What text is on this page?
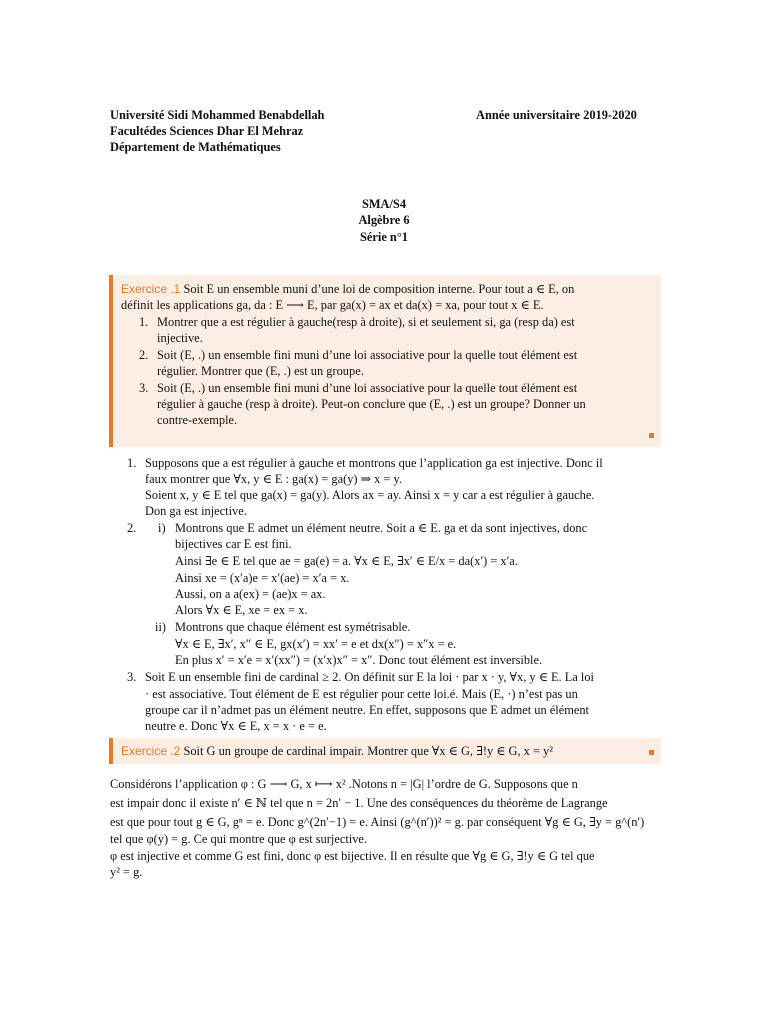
Université Sidi Mohammed Benabdellah
Facultédes Sciences Dhar El Mehraz
Département de Mathématiques
Année universitaire 2019-2020
SMA/S4
Algèbre 6
Série n°1
Exercice .1 Soit E un ensemble muni d’une loi de composition interne. Pour tout a ∈ E, on
définit les applications ga, da : E ⟶ E, par ga(x) = ax et da(x) = xa, pour tout x ∈ E.
1. Montrer que a est régulier à gauche(resp à droite), si et seulement si, ga (resp da) est
injective.
2. Soit (E, .) un ensemble fini muni d’une loi associative pour la quelle tout élément est
régulier. Montrer que (E, .) est un groupe.
3. Soit (E, .) un ensemble fini muni d’une loi associative pour la quelle tout élément est
régulier à gauche (resp à droite). Peut-on conclure que (E, .) est un groupe? Donner un
contre-exemple.
1. Supposons que a est régulier à gauche et montrons que l’application ga est injective. Donc il
faux montrer que ∀x, y ∈ E : ga(x) = ga(y) ⇒ x = y.
Soient x, y ∈ E tel que ga(x) = ga(y). Alors ax = ay. Ainsi x = y car a est régulier à gauche.
Don ga est injective.
2. i) Montrons que E admet un élément neutre. Soit a ∈ E. ga et da sont injectives, donc
bijectives car E est fini.
Ainsi ∃e ∈ E tel que ae = ga(e) = a. ∀x ∈ E, ∃x′ ∈ E/x = da(x′) = x′a.
Ainsi xe = (x′a)e = x′(ae) = x′a = x.
Aussi, on a a(ex) = (ae)x = ax.
Alors ∀x ∈ E, xe = ex = x.
ii) Montrons que chaque élément est symétrisable.
∀x ∈ E, ∃x′, x″ ∈ E, gx(x′) = xx′ = e et dx(x″) = x″x = e.
En plus x′ = x′e = x′(xx″) = (x′x)x″ = x″. Donc tout élément est inversible.
3. Soit E un ensemble fini de cardinal ≥ 2. On définit sur E la loi · par x · y, ∀x, y ∈ E. La loi
· est associative. Tout élément de E est régulier pour cette loi.é. Mais (E, ·) n’est pas un
groupe car il n’admet pas un élément neutre. En effet, supposons que E admet un élément
neutre e. Donc ∀x ∈ E, x = x · e = e.
Exercice .2 Soit G un groupe de cardinal impair. Montrer que ∀x ∈ G, ∃!y ∈ G, x = y²
Considérons l’application φ : G ⟶ G, x ⟼ x² .Notons n = |G| l’ordre de G. Supposons que n
est impair donc il existe n′ ∈ ℕ tel que n = 2n′ − 1. Une des conséquences du théorème de Lagrange
est que pour tout g ∈ G, gⁿ = e. Donc g^(2n′−1) = e. Ainsi (g^(n′))² = g. par conséquent ∀g ∈ G, ∃y = g^(n′)
tel que φ(y) = g. Ce qui montre que φ est surjective.
φ est injective et comme G est fini, donc φ est bijective. Il en résulte que ∀g ∈ G, ∃!y ∈ G tel que
y² = g.
